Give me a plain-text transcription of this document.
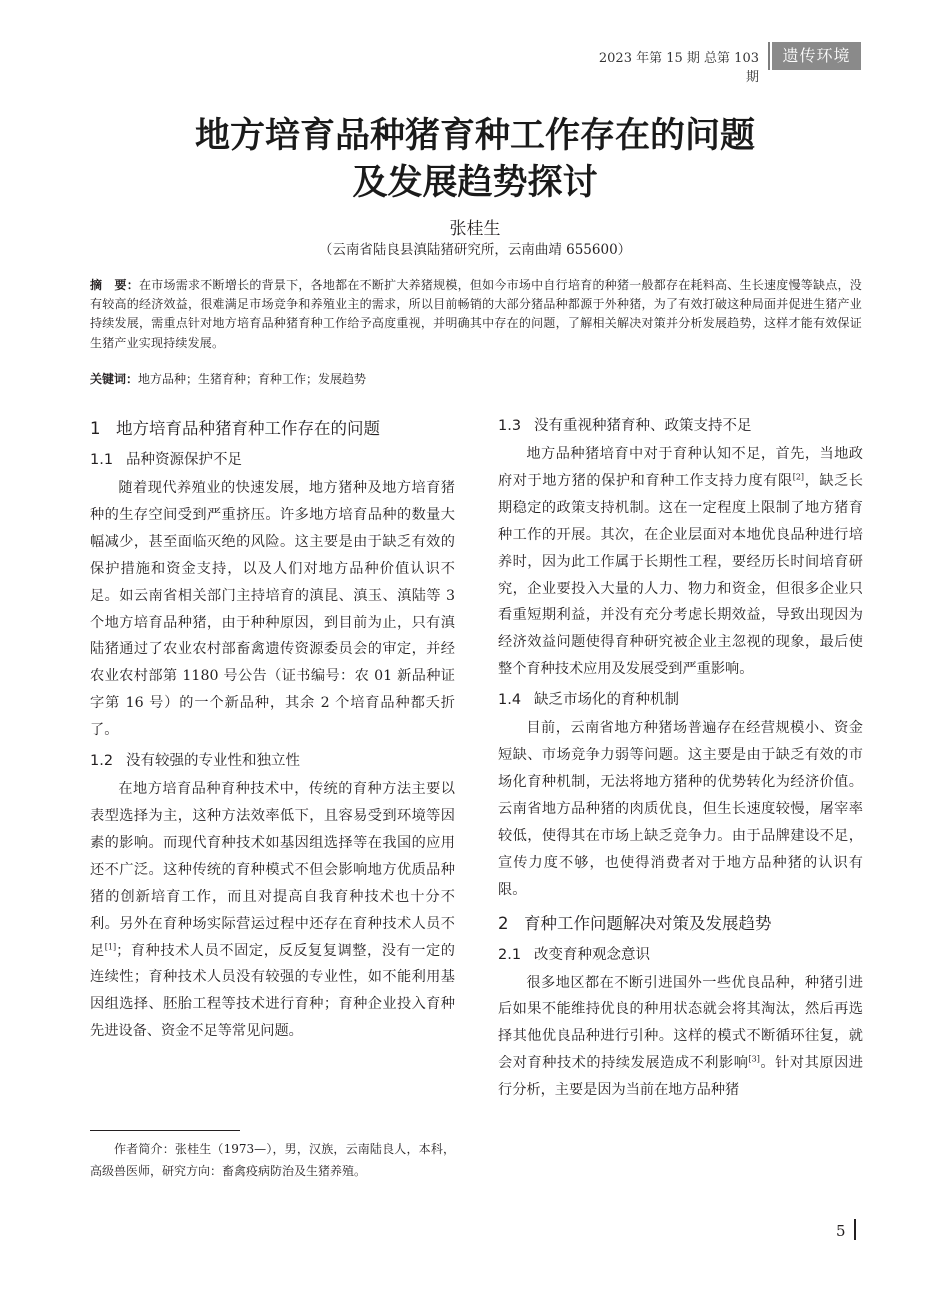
2023 年第 15 期 总第 103 期
遗传环境
地方培育品种猪育种工作存在的问题
及发展趋势探讨
张桂生
（云南省陆良县滇陆猪研究所，云南曲靖 655600）
摘　要：在市场需求不断增长的背景下，各地都在不断扩大养猪规模，但如今市场中自行培育的种猪一般都存在耗料高、生长速度慢等缺点，没有较高的经济效益，很难满足市场竞争和养殖业主的需求，所以目前畅销的大部分猪品种都源于外种猪，为了有效打破这种局面并促进生猪产业持续发展，需重点针对地方培育品种猪育种工作给予高度重视，并明确其中存在的问题，了解相关解决对策并分析发展趋势，这样才能有效保证生猪产业实现持续发展。
关键词：地方品种；生猪育种；育种工作；发展趋势
1 地方培育品种猪育种工作存在的问题
1.1 品种资源保护不足

随着现代养殖业的快速发展，地方猪种及地方培育猪种的生存空间受到严重挤压。许多地方培育品种的数量大幅减少，甚至面临灭绝的风险。这主要是由于缺乏有效的保护措施和资金支持，以及人们对地方品种价值认识不足。如云南省相关部门主持培育的滇昆、滇玉、滇陆等 3 个地方培育品种猪，由于种种原因，到目前为止，只有滇陆猪通过了农业农村部畜禽遗传资源委员会的审定，并经农业农村部第 1180 号公告（证书编号：农 01 新品种证字第 16 号）的一个新品种，其余 2 个培育品种都夭折了。

1.2 没有较强的专业性和独立性

在地方培育品种育种技术中，传统的育种方法主要以表型选择为主，这种方法效率低下，且容易受到环境等因素的影响。而现代育种技术如基因组选择等在我国的应用还不广泛。这种传统的育种模式不但会影响地方优质品种猪的创新培育工作，而且对提高自我育种技术也十分不利。另外在育种场实际营运过程中还存在育种技术人员不足[1]；育种技术人员不固定，反反复复调整，没有一定的连续性；育种技术人员没有较强的专业性，如不能利用基因组选择、胚胎工程等技术进行育种；育种企业投入育种先进设备、资金不足等常见问题。

作者简介：张桂生（1973—），男，汉族，云南陆良人，本科，高级兽医师，研究方向：畜禽疫病防治及生猪养殖。
1.3 没有重视种猪育种、政策支持不足

地方品种猪培育中对于育种认知不足，首先，当地政府对于地方猪的保护和育种工作支持力度有限[2]，缺乏长期稳定的政策支持机制。这在一定程度上限制了地方猪育种工作的开展。其次，在企业层面对本地优良品种进行培养时，因为此工作属于长期性工程，要经历长时间培育研究，企业要投入大量的人力、物力和资金，但很多企业只看重短期利益，并没有充分考虑长期效益，导致出现因为经济效益问题使得育种研究被企业主忽视的现象，最后使整个育种技术应用及发展受到严重影响。

1.4 缺乏市场化的育种机制

目前，云南省地方种猪场普遍存在经营规模小、资金短缺、市场竞争力弱等问题。这主要是由于缺乏有效的市场化育种机制，无法将地方猪种的优势转化为经济价值。云南省地方品种猪的肉质优良，但生长速度较慢，屠宰率较低，使得其在市场上缺乏竞争力。由于品牌建设不足，宣传力度不够，也使得消费者对于地方品种猪的认识有限。

2 育种工作问题解决对策及发展趋势
2.1 改变育种观念意识

很多地区都在不断引进国外一些优良品种，种猪引进后如果不能维持优良的种用状态就会将其淘汰，然后再选择其他优良品种进行引种。这样的模式不断循环往复，就会对育种技术的持续发展造成不利影响[3]。针对其原因进行分析，主要是因为当前在地方品种猪

5
